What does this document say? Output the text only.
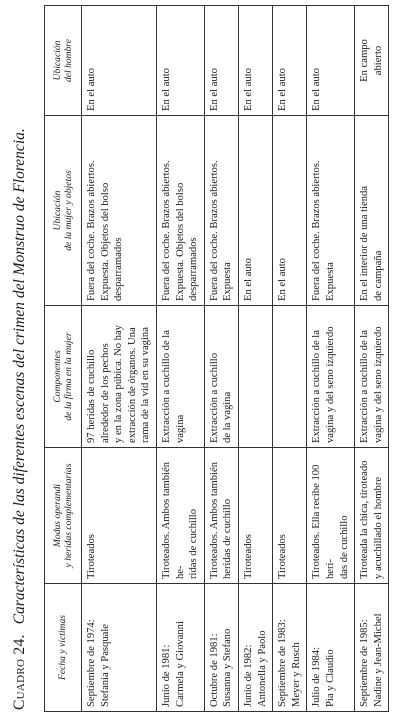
Cuadro 24.Características de las diferentes escenas del crimen del Monstruo de Florencia.
Fecha y víctimas	Modus operandi y heridas complementarias	Componentes de la firma en la mujer	Ubicación de la mujer y objetos	Ubicación del hombre

Septiembre de 1974: Stefania y Pasquale	Tiroteados	97 heridas de cuchillo alrededor de los pechos y en la zona púbica. No hay extracción de órganos. Una rama de la vid en su vagina	Fuera del coche. Brazos abiertos. Expuesta. Objetos del bolso desparramados	En el auto

Junio de 1981: Carmela y Giovanni	Tiroteados. Ambos también he- ridas de cuchillo	Extracción a cuchillo de la vagina	Fuera del coche. Brazos abiertos. Expuesta. Objetos del bolso desparramados	En el auto

Octubre de 1981: Susanna y Stefano	Tiroteados. Ambos también heridas de cuchillo	Extracción a cuchillo de la vagina	Fuera del coche. Brazos abiertos. Expuesta	En el auto

Junio de 1982: Antonella y Paolo	Tiroteados		En el auto	En el auto

Septiembre de 1983: Meyer y Rusch	Tiroteados		En el auto	En el auto

Julio de 1984: Pia y Claudio	Tiroteados. Ella recibe 100 heri- das de cuchillo	Extracción a cuchillo de la vagina y del seno izquierdo	Fuera del coche. Brazos abiertos. Expuesta	En el auto

Septiembre de 1985: Nadine y Jean-Michel	Tiroteada la chica, tiroteado y acuchillado el hombre	Extracción a cuchillo de la vagina y del seno izquierdo	En el interior de una tienda de campaña	En campo abierto
